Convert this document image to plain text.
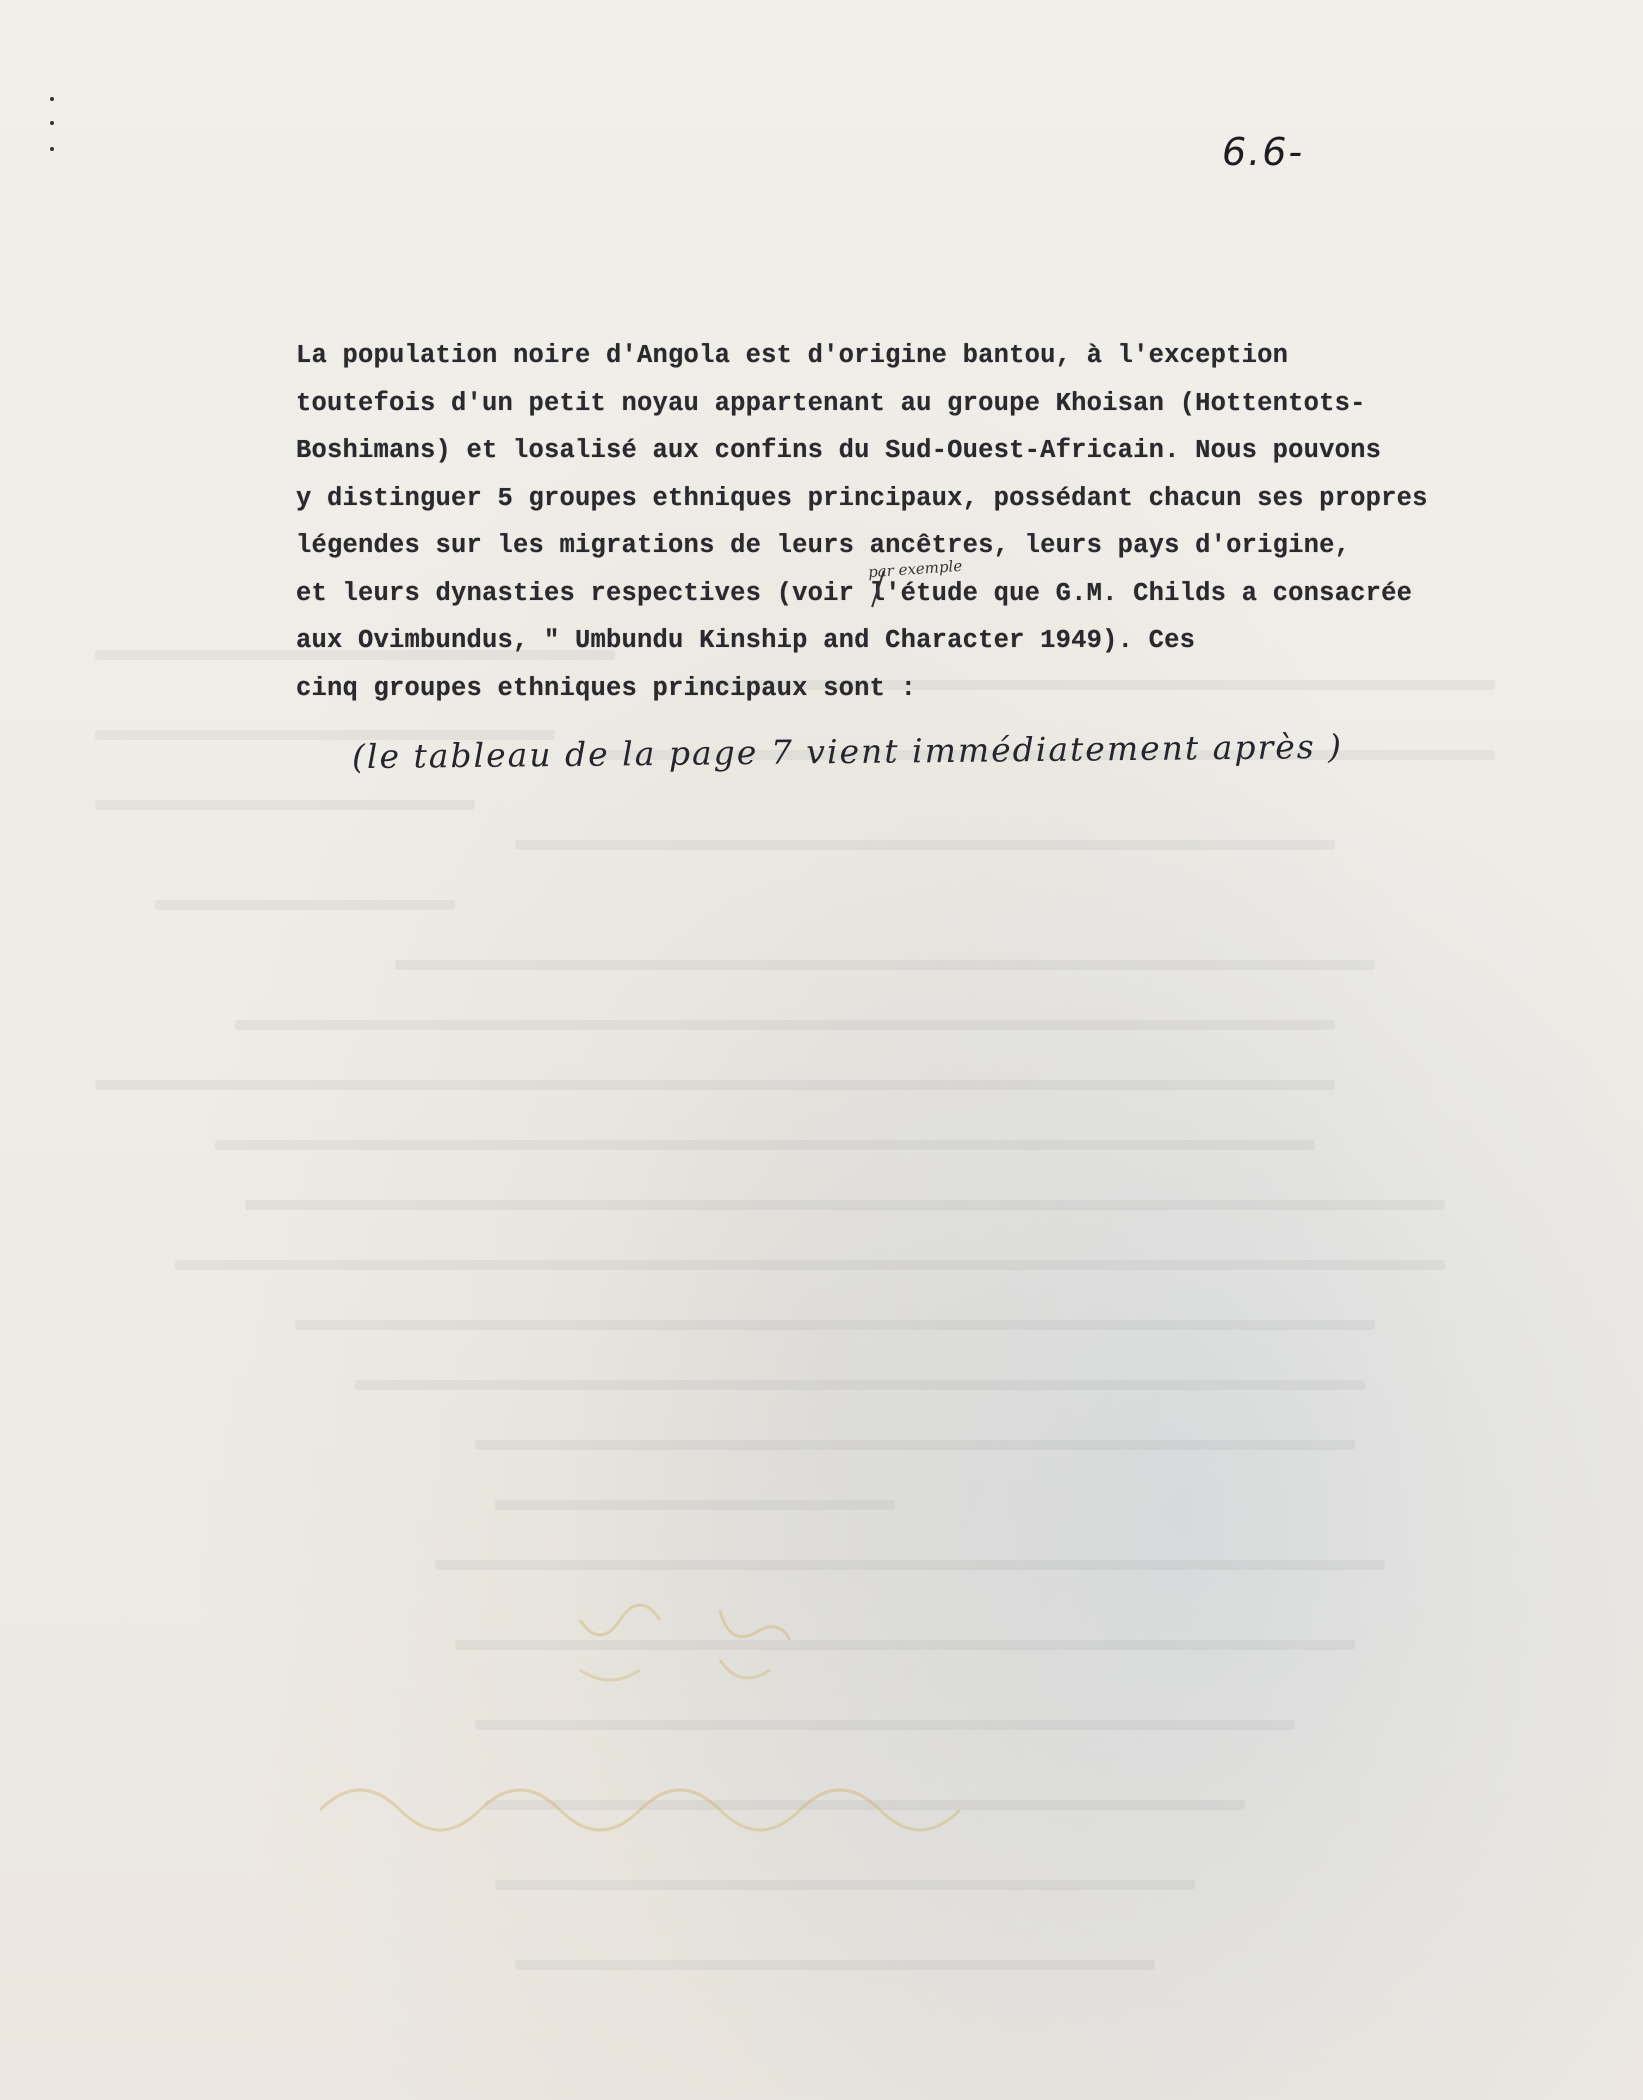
6.6-
La population noire d'Angola est d'origine bantou, à l'exception
toutefois d'un petit noyau appartenant au groupe Khoisan (Hottentots-
Boshimans) et losalisé aux confins du Sud-Ouest-Africain. Nous pouvons
y distinguer 5 groupes ethniques principaux, possédant chacun ses propres
légendes sur les migrations de leurs ancêtres, leurs pays d'origine,
et leurs dynasties respectives (voir l'étude que G.M. Childs a consacrée
aux Ovimbundus, " Umbundu Kinship and Character 1949). Ces
cinq groupes ethniques principaux sont :
par exemple
(le tableau de la page 7 vient immédiatement après )
